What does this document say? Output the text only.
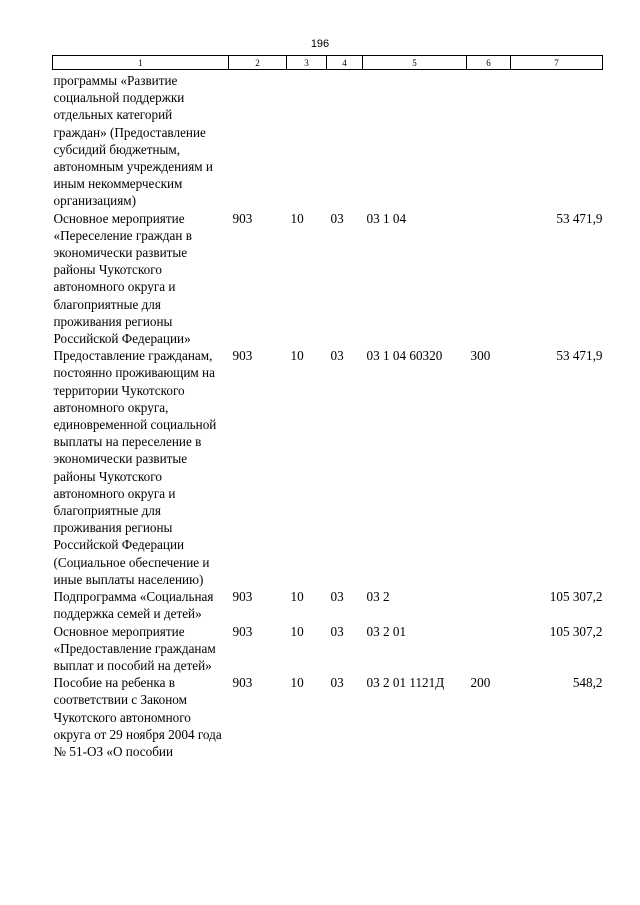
196
1	2	3	4	5	6	7
программы «Развитие социальной поддержки отдельных категорий граждан» (Предоставление субсидий бюджетным, автономным учреждениям и иным некоммерческим организациям)						
Основное мероприятие «Переселение граждан в экономически развитые районы Чукотского автономного округа и благоприятные для проживания регионы Российской Федерации»	903	10	03	03 1 04		53 471,9
Предоставление гражданам, постоянно проживающим на территории Чукотского автономного округа, единовременной социальной выплаты на переселение в экономически развитые районы Чукотского автономного округа и благоприятные для проживания регионы Российской Федерации (Социальное обеспечение и иные выплаты населению)	903	10	03	03 1 04 60320	300	53 471,9
Подпрограмма «Социальная поддержка семей и детей»	903	10	03	03 2		105 307,2
Основное мероприятие «Предоставление гражданам выплат и пособий на детей»	903	10	03	03 2 01		105 307,2
Пособие на ребенка в соответствии с Законом Чукотского автономного округа от 29 ноября 2004 года № 51-ОЗ «О пособии	903	10	03	03 2 01 1121Д	200	548,2
